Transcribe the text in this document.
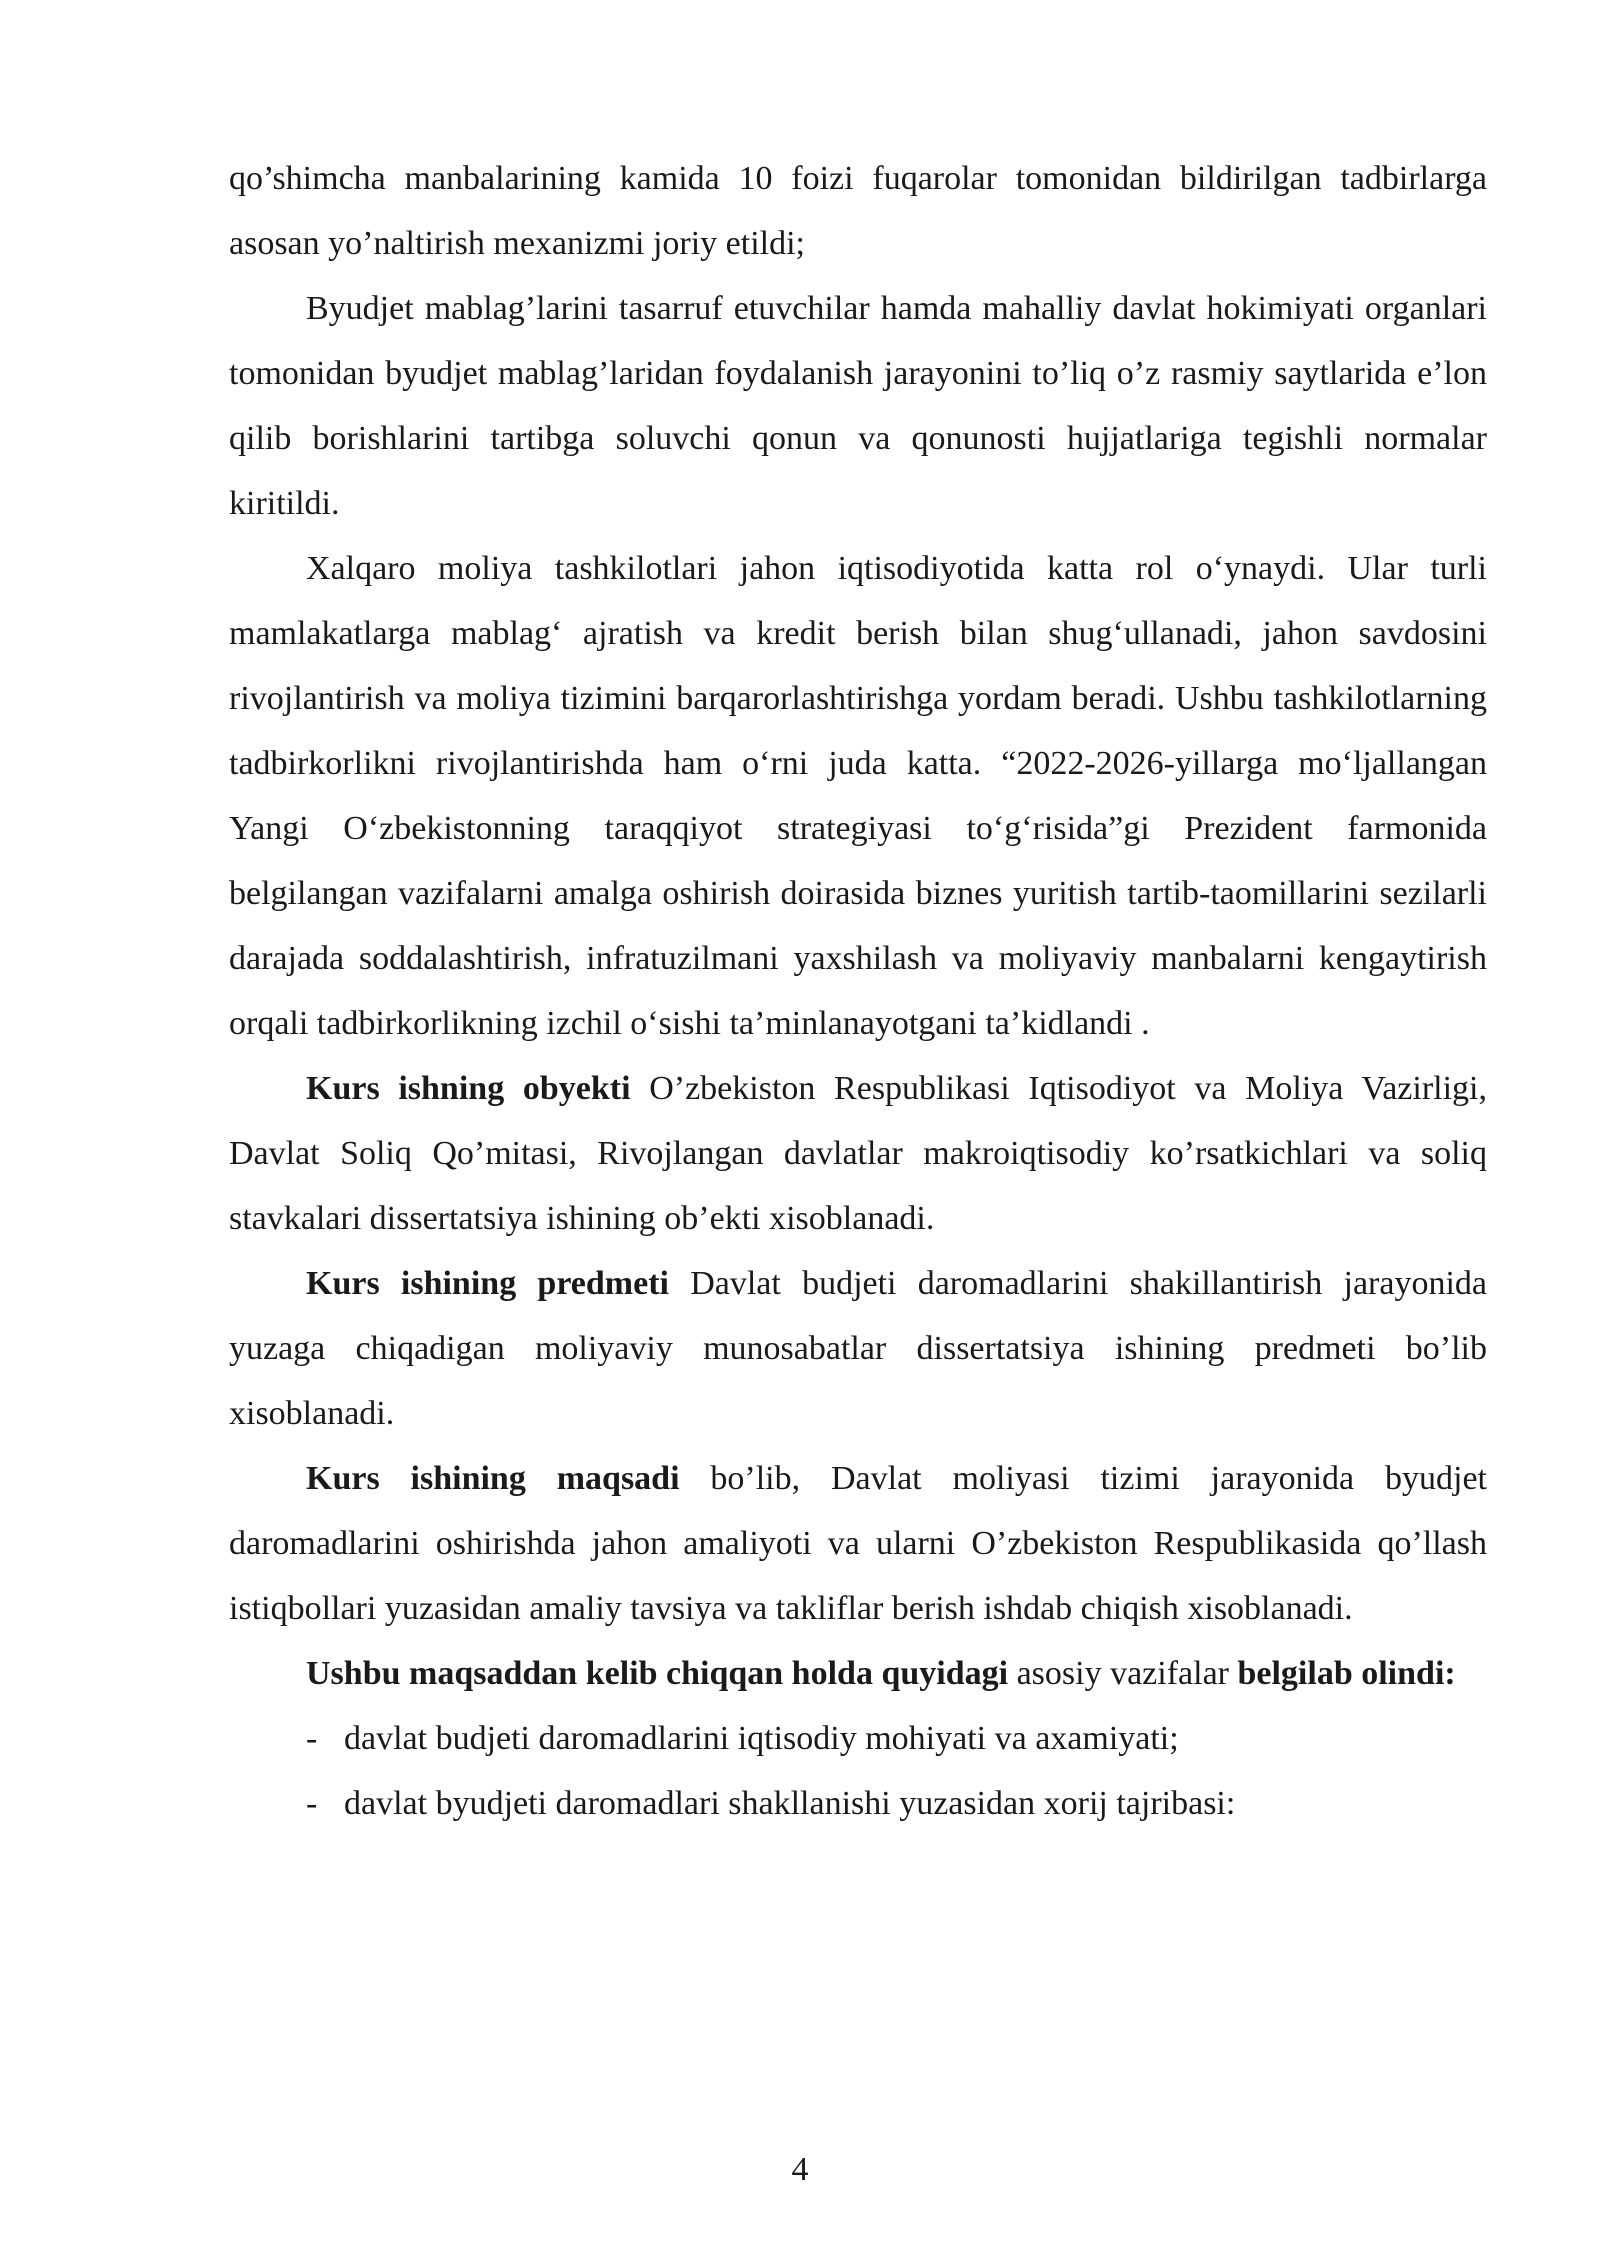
qo’shimcha manbalarining kamida 10 foizi fuqarolar tomonidan bildirilgan tadbirlarga asosan yo’naltirish mexanizmi joriy etildi;

Byudjet mablag’larini tasarruf etuvchilar hamda mahalliy davlat hokimiyati organlari tomonidan byudjet mablag’laridan foydalanish jarayonini to’liq o’z rasmiy saytlarida e’lon qilib borishlarini tartibga soluvchi qonun va qonunosti hujjatlariga tegishli normalar kiritildi.

Xalqaro moliya tashkilotlari jahon iqtisodiyotida katta rol o‘ynaydi. Ular turli mamlakatlarga mablag‘ ajratish va kredit berish bilan shug‘ullanadi, jahon savdosini rivojlantirish va moliya tizimini barqarorlashtirishga yordam beradi. Ushbu tashkilotlarning tadbirkorlikni rivojlantirishda ham o‘rni juda katta. “2022-2026-yillarga mo‘ljallangan Yangi O‘zbekistonning taraqqiyot strategiyasi to‘g‘risida”gi Prezident farmonida belgilangan vazifalarni amalga oshirish doirasida biznes yuritish tartib-taomillarini sezilarli darajada soddalashtirish, infratuzilmani yaxshilash va moliyaviy manbalarni kengaytirish orqali tadbirkorlikning izchil o‘sishi ta’minlanayotgani ta’kidlandi .

Kurs ishning obyekti O’zbekiston Respublikasi Iqtisodiyot va Moliya Vazirligi, Davlat Soliq Qo’mitasi, Rivojlangan davlatlar makroiqtisodiy ko’rsatkichlari va soliq stavkalari dissertatsiya ishining ob’ekti xisoblanadi.

Kurs ishining predmeti Davlat budjeti daromadlarini shakillantirish jarayonida yuzaga chiqadigan moliyaviy munosabatlar dissertatsiya ishining predmeti bo’lib xisoblanadi.

Kurs ishining maqsadi bo’lib, Davlat moliyasi tizimi jarayonida byudjet daromadlarini oshirishda jahon amaliyoti va ularni O’zbekiston Respublikasida qo’llash istiqbollari yuzasidan amaliy tavsiya va takliflar berish ishdab chiqish xisoblanadi.

Ushbu maqsaddan kelib chiqqan holda quyidagi asosiy vazifalar belgilab olindi:

- davlat budjeti daromadlarini iqtisodiy mohiyati va axamiyati;
- davlat byudjeti daromadlari shakllanishi yuzasidan xorij tajribasi:
4
